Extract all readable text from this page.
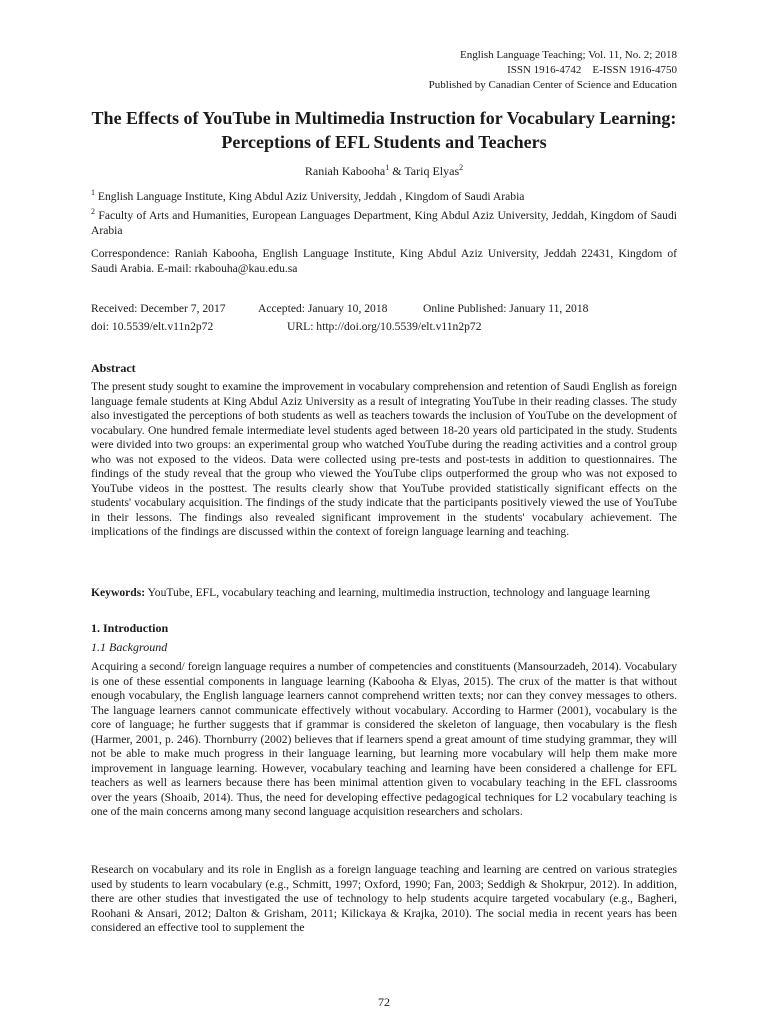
English Language Teaching; Vol. 11, No. 2; 2018
ISSN 1916-4742    E-ISSN 1916-4750
Published by Canadian Center of Science and Education
The Effects of YouTube in Multimedia Instruction for Vocabulary Learning: Perceptions of EFL Students and Teachers
Raniah Kabooha$^1$ & Tariq Elyas$^2$
$^1$ English Language Institute, King Abdul Aziz University, Jeddah , Kingdom of Saudi Arabia
$^2$ Faculty of Arts and Humanities, European Languages Department, King Abdul Aziz University, Jeddah, Kingdom of Saudi Arabia
Correspondence: Raniah Kabooha, English Language Institute, King Abdul Aziz University, Jeddah 22431, Kingdom of Saudi Arabia. E-mail: rkabouha@kau.edu.sa
Received: December 7, 2017	Accepted: January 10, 2018	Online Published: January 11, 2018
doi: 10.5539/elt.v11n2p72	URL: http://doi.org/10.5539/elt.v11n2p72
Abstract

The present study sought to examine the improvement in vocabulary comprehension and retention of Saudi English as foreign language female students at King Abdul Aziz University as a result of integrating YouTube in their reading classes. The study also investigated the perceptions of both students as well as teachers towards the inclusion of YouTube on the development of vocabulary. One hundred female intermediate level students aged between 18-20 years old participated in the study. Students were divided into two groups: an experimental group who watched YouTube during the reading activities and a control group who was not exposed to the videos. Data were collected using pre-tests and post-tests in addition to questionnaires. The findings of the study reveal that the group who viewed the YouTube clips outperformed the group who was not exposed to YouTube videos in the posttest. The results clearly show that YouTube provided statistically significant effects on the students' vocabulary acquisition. The findings of the study indicate that the participants positively viewed the use of YouTube in their lessons. The findings also revealed significant improvement in the students' vocabulary achievement. The implications of the findings are discussed within the context of foreign language learning and teaching.

Keywords: YouTube, EFL, vocabulary teaching and learning, multimedia instruction, technology and language learning

1. Introduction
1.1 Background

Acquiring a second/ foreign language requires a number of competencies and constituents (Mansourzadeh, 2014). Vocabulary is one of these essential components in language learning (Kabooha & Elyas, 2015). The crux of the matter is that without enough vocabulary, the English language learners cannot comprehend written texts; nor can they convey messages to others. The language learners cannot communicate effectively without vocabulary. According to Harmer (2001), vocabulary is the core of language; he further suggests that if grammar is considered the skeleton of language, then vocabulary is the flesh (Harmer, 2001, p. 246). Thornburry (2002) believes that if learners spend a great amount of time studying grammar, they will not be able to make much progress in their language learning, but learning more vocabulary will help them make more improvement in language learning. However, vocabulary teaching and learning have been considered a challenge for EFL teachers as well as learners because there has been minimal attention given to vocabulary teaching in the EFL classrooms over the years (Shoaib, 2014). Thus, the need for developing effective pedagogical techniques for L2 vocabulary teaching is one of the main concerns among many second language acquisition researchers and scholars.

Research on vocabulary and its role in English as a foreign language teaching and learning are centred on various strategies used by students to learn vocabulary (e.g., Schmitt, 1997; Oxford, 1990; Fan, 2003; Seddigh & Shokrpur, 2012). In addition, there are other studies that investigated the use of technology to help students acquire targeted vocabulary (e.g., Bagheri, Roohani & Ansari, 2012; Dalton & Grisham, 2011; Kilickaya & Krajka, 2010). The social media in recent years has been considered an effective tool to supplement the

72
